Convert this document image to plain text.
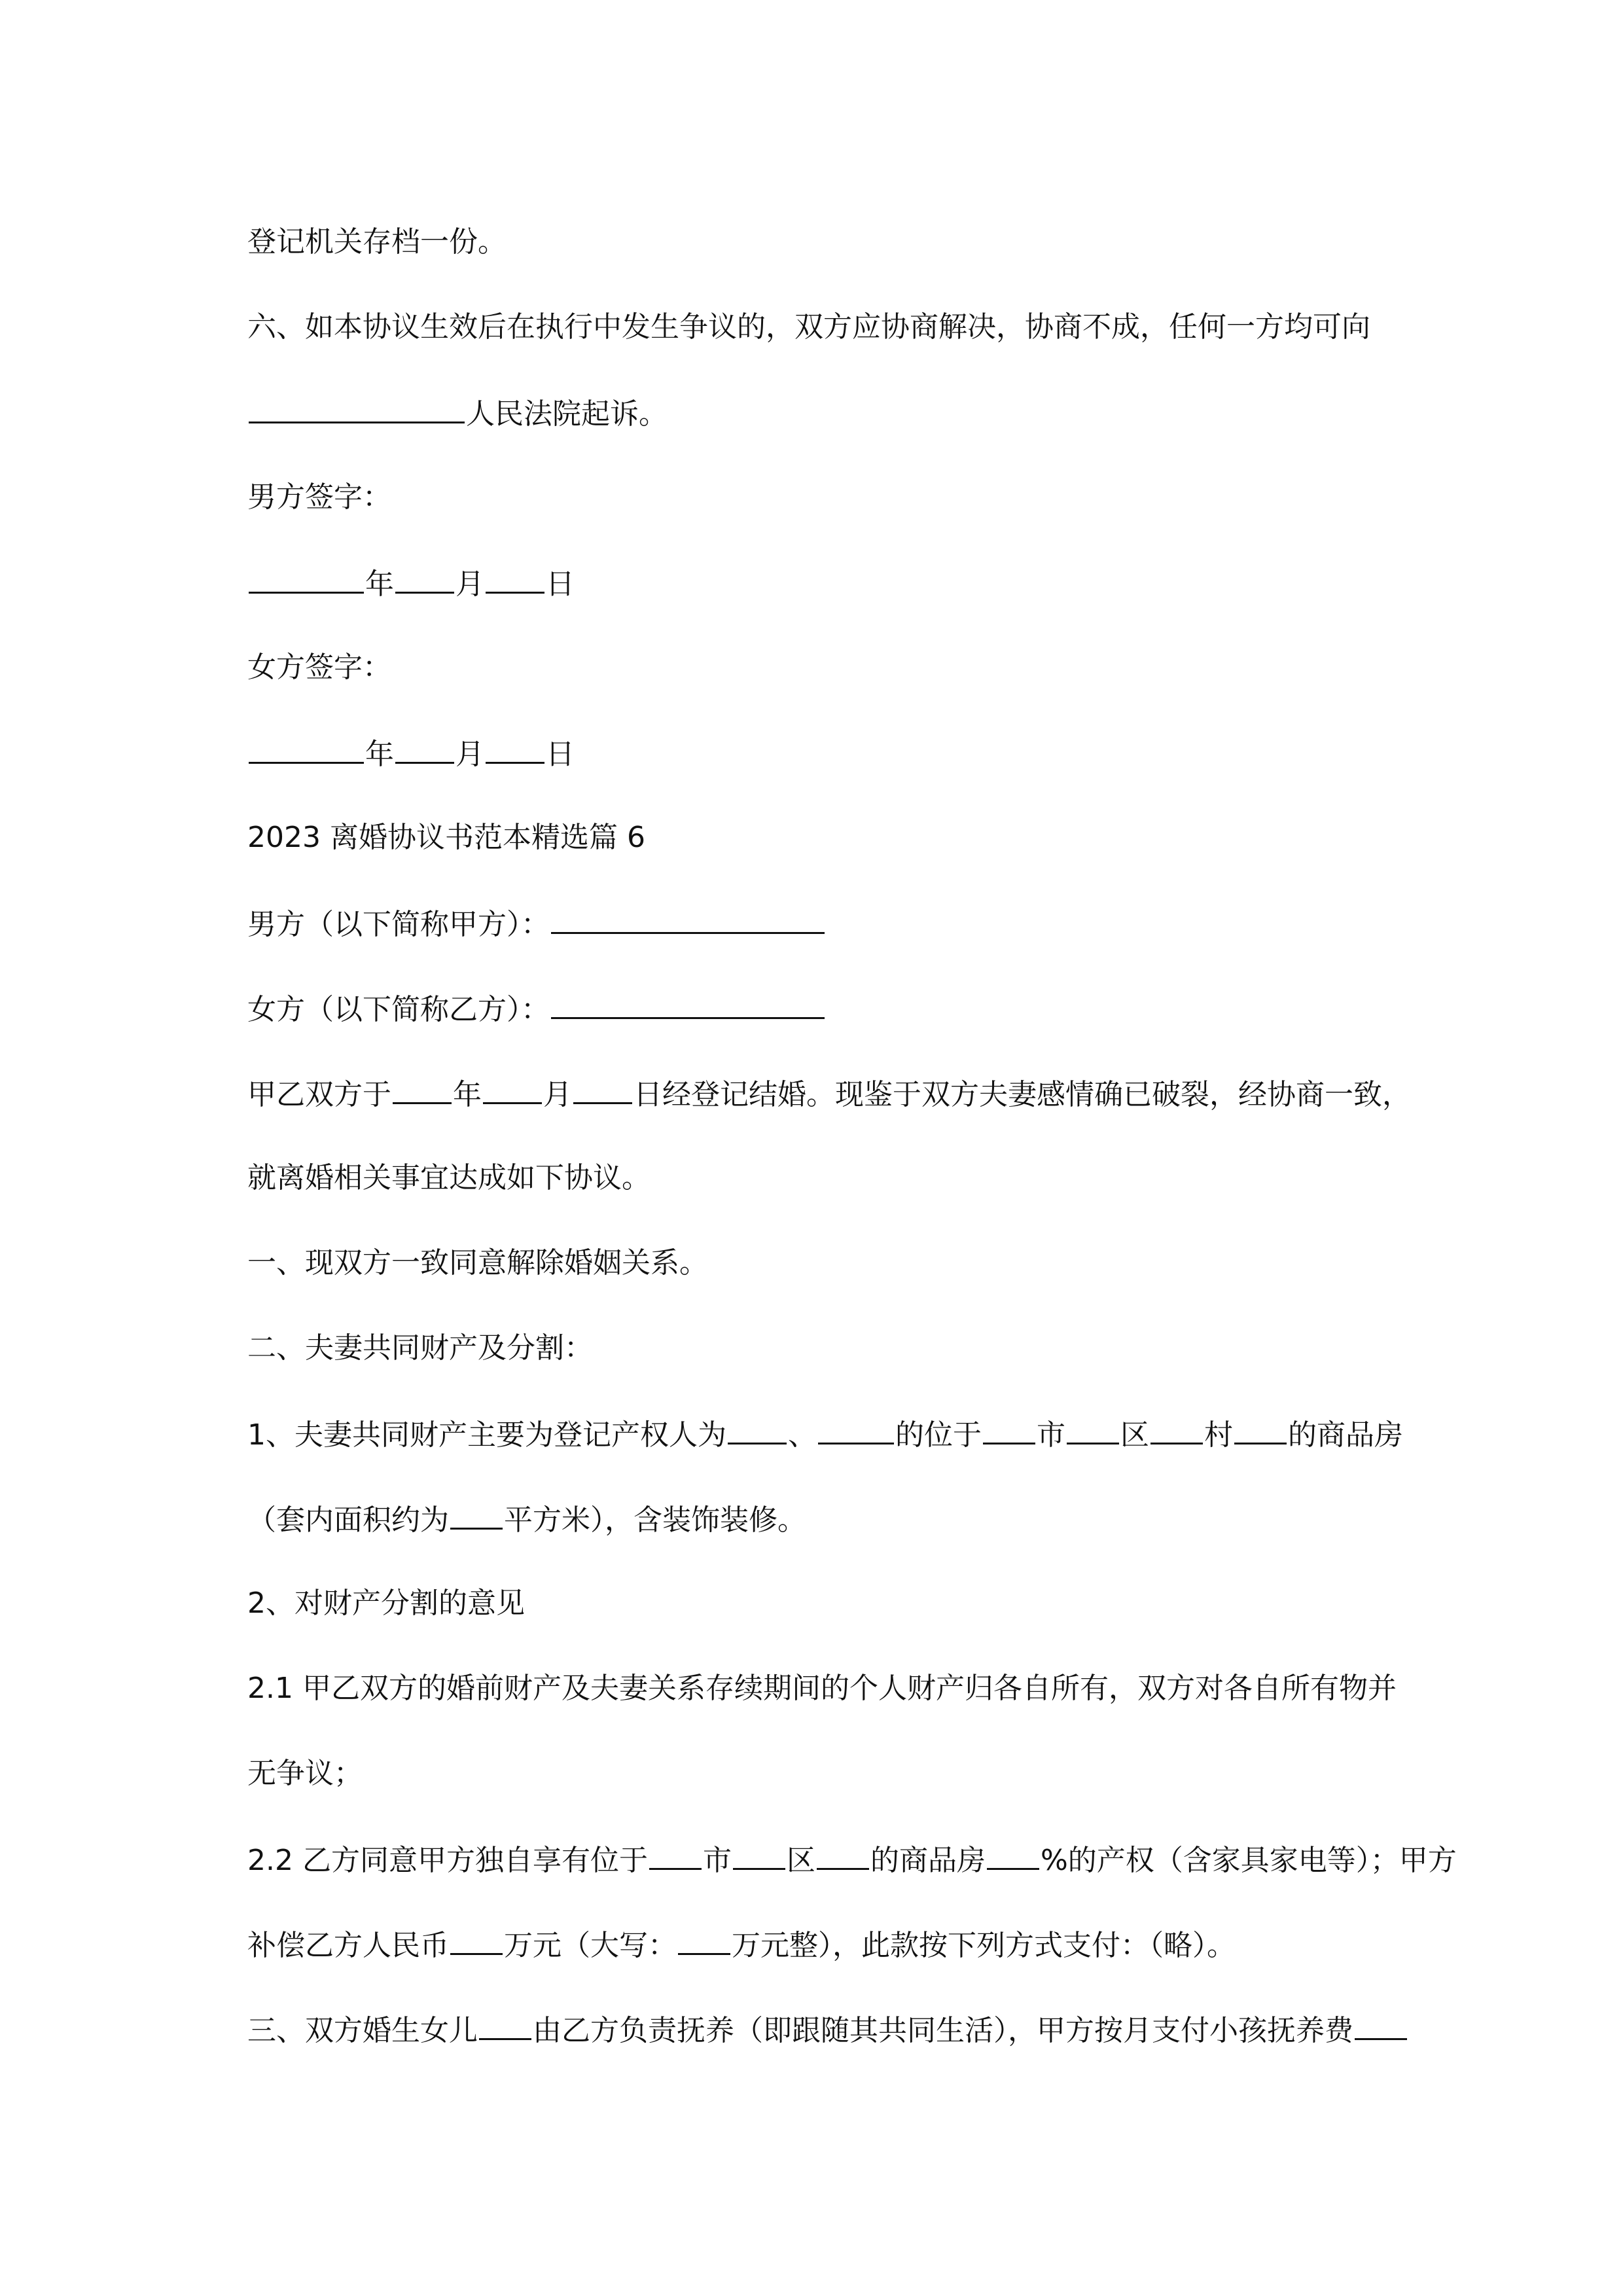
登记机关存档一份。
六、如本协议生效后在执行中发生争议的，双方应协商解决，协商不成，任何一方均可向
人民法院起诉。
男方签字：
年 月 日
女方签字：
年 月 日
2023 离婚协议书范本精选篇 6
男方（以下简称甲方）：
女方（以下简称乙方）：
甲乙双方于 年 月 日经登记结婚。现鉴于双方夫妻感情确已破裂，经协商一致，
就离婚相关事宜达成如下协议。
一、现双方一致同意解除婚姻关系。
二、夫妻共同财产及分割：
1、夫妻共同财产主要为登记产权人为 、	的位于 市 区 村 的商品房
（套内面积约为 平方米），含装饰装修。
2、对财产分割的意见
2.1 甲乙双方的婚前财产及夫妻关系存续期间的个人财产归各自所有，双方对各自所有物并
无争议；
2.2 乙方同意甲方独自享有位于 市 区 的商品房 %的产权（含家具家电等）；甲方
补偿乙方人民币 万元（大写： 万元整），此款按下列方式支付：（略）。
三、双方婚生女儿 由乙方负责抚养（即跟随其共同生活），甲方按月支付小孩抚养费
